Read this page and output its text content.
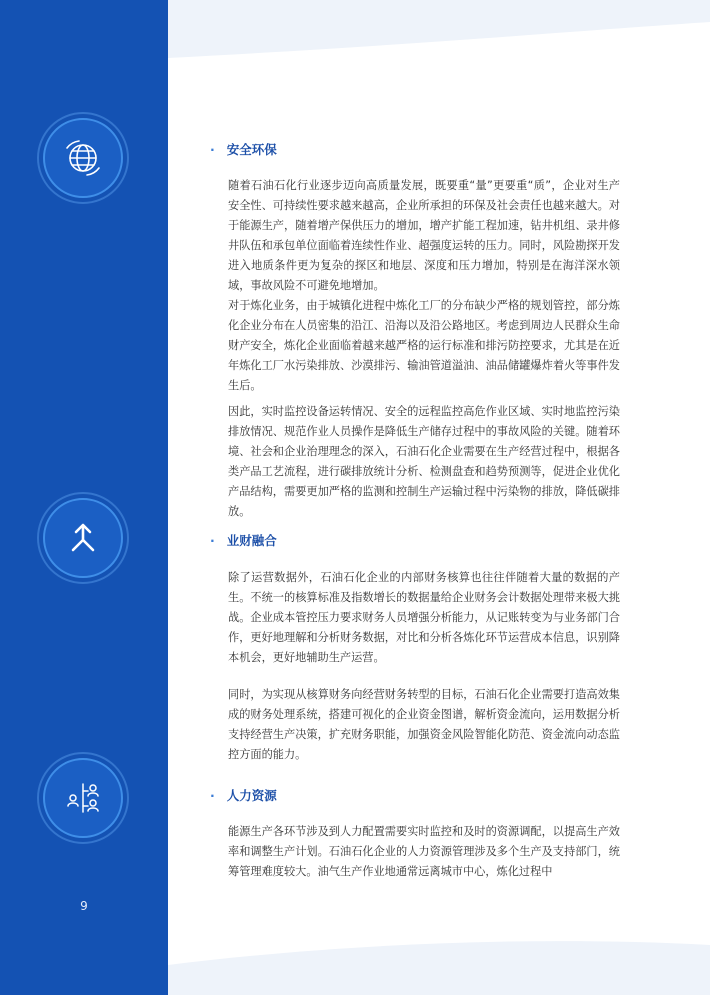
9
· 安全环保

随着石油石化行业逐步迈向高质量发展，既要重“量”更要重“质”，企业对生产安全性、可持续性要求越来越高，企业所承担的环保及社会责任也越来越大。对于能源生产，随着增产保供压力的增加，增产扩能工程加速，钻井机组、录井修井队伍和承包单位面临着连续性作业、超强度运转的压力。同时，风险勘探开发进入地质条件更为复杂的探区和地层、深度和压力增加，特别是在海洋深水领域，事故风险不可避免地增加。

对于炼化业务，由于城镇化进程中炼化工厂的分布缺少严格的规划管控，部分炼化企业分布在人员密集的沿江、沿海以及沿公路地区。考虑到周边人民群众生命财产安全，炼化企业面临着越来越严格的运行标准和排污防控要求，尤其是在近年炼化工厂水污染排放、沙漠排污、输油管道溢油、油品储罐爆炸着火等事件发生后。

因此，实时监控设备运转情况、安全的远程监控高危作业区域、实时地监控污染排放情况、规范作业人员操作是降低生产储存过程中的事故风险的关键。随着环境、社会和企业治理理念的深入，石油石化企业需要在生产经营过程中，根据各类产品工艺流程，进行碳排放统计分析、检测盘查和趋势预测等，促进企业优化产品结构，需要更加严格的监测和控制生产运输过程中污染物的排放，降低碳排放。

· 业财融合

除了运营数据外，石油石化企业的内部财务核算也往往伴随着大量的数据的产生。不统一的核算标准及指数增长的数据量给企业财务会计数据处理带来极大挑战。企业成本管控压力要求财务人员增强分析能力，从记账转变为与业务部门合作，更好地理解和分析财务数据，对比和分析各炼化环节运营成本信息，识别降本机会，更好地辅助生产运营。

同时，为实现从核算财务向经营财务转型的目标，石油石化企业需要打造高效集成的财务处理系统，搭建可视化的企业资金图谱，解析资金流向，运用数据分析支持经营生产决策，扩充财务职能，加强资金风险智能化防范、资金流向动态监控方面的能力。

· 人力资源

能源生产各环节涉及到人力配置需要实时监控和及时的资源调配，以提高生产效率和调整生产计划。石油石化企业的人力资源管理涉及多个生产及支持部门，统筹管理难度较大。油气生产作业地通常远离城市中心，炼化过程中
